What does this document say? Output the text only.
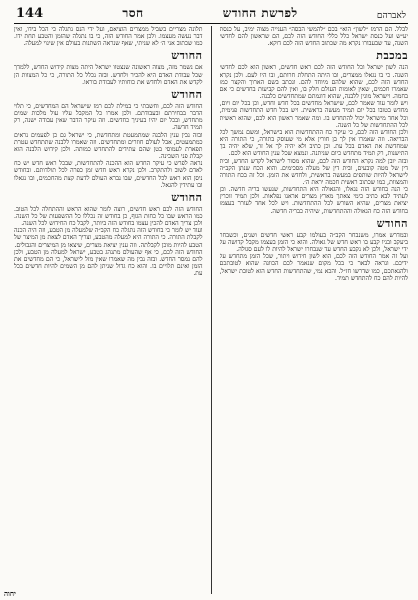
לאברהם
לפרשת החודש
חסר
144

לבלל. הם הרמז ״לשון״ הוא״ בכם ״להמשי הבסה״ הענייה מצוה ימיב, על כנסת יע״ש ועל כנסת ישראל כלל כללי החודש הזה לכם, הם שראשון להם לחדשי השנה, עד שבעבורו נקרא מה שכתוב החדש הזה לכם דוקא.

במכבת

הנה לשון ישראל וכל החודש הזה לכם ראש חדשים, ראשון הוא לכם לחדשי השנה. כי בו נגאלו ממצרים, ובו היתה התחלת חרותם, ובו היו לעם. ולכן נקרא החדש הזה לכם, שהוא שלהם מיוחד להם. ונכתב בשם הארוך והקצר כמו שאמרו חכמים, שאין לאומות העולם חלק בו, ואין להם קביעות בחדשים כי אם בחמה. וישראל מונין ללבנה, שהוא דוגמתם שמתחדשים כלבנה.

ויש לומר עוד שאמר לכם, שישראל מחדשים בכל חדש וחדש, וכן בכל יום ויום, מחדש בטובו בכל יום תמיד מעשה בראשית. ויש בכל חדש התחדשות פנימית, וכל אחד מישראל יכול להתחדש בו. ומה שאמר ראשון הוא לכם, שהוא ראשית לכל ההתחדשות של כל השנה.

ולכן החודש הזה לכם, כי עיקר כח ההתחדשות הוא בישראל, ומשם נמשך לכל הבריאה. וזה שאמרו אין לך בן חורין אלא מי שעוסק בתורה, כי התורה היא שמחדשת את האדם בכל עת. וכן כתיב ולא יהיה לך אל זר, שלא יהיה בך התישנות, רק תמיד מתחדש כיום שניתנה. ונמצא שכל ענין החודש הוא לכם.

ובזה יובן למה נקרא החודש הזה לכם, שהוא מסור לישראל לקדש החדש, ובית דין של מטה קובעים, ובית דין של מעלה מסכימים. והוא הכח שנתן הקב״ה לישראל להיות שותפים במעשה בראשית, ולחדש את הזמן. וכל זה בכח התורה והמצוות, כמו שכתוב ראשית חכמה יראת ה׳.

כי הנה בחודש הזה נגאלו, והגאולה היא התחדשות, שנעשו בריה חדשה. וכן לעתיד לבא כתיב כימי צאתך מארץ מצרים אראנו נפלאות. ולכן תמיד זוכרין יציאת מצרים, שהיא השורש לכל ההתחדשות. ויש לכל אחד לעורר בעצמו בחודש הזה כח הגאולה וההתחדשות, שיהיה כבריה חדשה.

החודש

ובמדרש אמרו, משנבחר הקב״ה בעולמו קבע ראשי חדשים ושנים, וכשבחר ביעקב ובניו קבע בו ראש חדש של גאולה. והוא כי הזמן בעצמו מקבל קדושה על ידי ישראל, ולכן לא נקבע החדש עד שנבחרו ישראל להיות לו לעם סגולה.

ועל זה אמר החודש הזה לכם, הוא לשון חידוש ויתור, שכל הזמן מתחדש על ידיכם. ונראה לבאר כי בכל מקום שנאמר לכם הכוונה שהוא לטובתכם ולהנאתכם, כמו שדרשו חז״ל. והכא נמי, שהתחדשות החדש הוא לטובת ישראל, להיות להם כח להתחדש תמיד.

תלונה מצריים בשביל ממצרים הוציאם, ועל ידי הנס נתגלה כי הכל בידו, ואין דבר נעשה מעצמו. ולכן אמר החודש הזה, כי בו נתגלה שהזמן והטבע תחת ידו. כמו שכתוב אני ה׳ לא שניתי, שאף שנראה השתנות בעולם אין שינוי למעלה.

החודש

אם נשמר מזה, מצוה ראשונה שנצטוו ישראל היתה מצות קידוש החדש, ללמדך שכל עבודת האדם היא להכיר ולחדש. ובזה נכלל כל התורה, כי כל המצוות הן לקדש את האדם ולחדש את כוחותיו לעבודת בוראו.

החודש

החודש הזה לכם, וחשבתי כי במילת לכם רמז שישראל הם המחדשים, כי תלוי הדבר בבחירתם ובעבודתם. ולכן אמרו כל המקבל עליו עול מלכות שמים מתחדש, ובכל יום יהיו בעיניך כחדשים. וזה עיקר הדבר שאין עבודה ישנה, רק תמיד חדשה.

ובזה נבין ענין הלבנה שמתמעטת ומתחדשת, כי ישראל גם כן לפעמים נראים כמתמעטים, אבל לעולם חוזרים ומתחדשים. וזה שאמרו ללבנה שתתחדש עטרת תפארת לעמוסי בטן שהם עתידים להתחדש כמותה. ולכן קידוש הלבנה הוא קבלת פני השכינה.

נראה לפרש כי עיקר החדש הוא ההכנה להתחדשות, שבכל ראש חדש יש כח לאדם לשוב ולהתקרב. ולכן נקרא ראש חדש זמן כפרה לכל תולדותם. ובחודש ניסן הוא ראש לכל החדשים, שבו נברא העולם לדעת קצת מהחכמים, ובו נגאלו ובו עתידין להגאל.

החודש

החודש הזה לכם ראש חדשים, רוצה לומר שהוא הראש וההתחלה לכל הטוב. כמו הראש שבו כל כחות הגוף, כן בחודש זה נכללו כל ההשפעות של כל השנה. ולכן צריך האדם להכין עצמו בחודש הזה ביותר, לקבל כח החידוש לכל השנה.

ועוד יש לומר כי בחודש הזה נתגלה כח הקב״ה שלמעלה מן הטבע, וזה היה הכנה לקבלת התורה. כי התורה היא למעלה מהטבע, וצריך האדם לצאת מן המיצר של הטבע להיות מוכן לקבלתה. וזה ענין יציאת מצרים, שיצאו מן המיצרים והגבולים.

החודש הזה לכם, כי אף שהעולם מתנהג בטבע, ישראל למעלה מן הטבע, ולכן להם נמסר החדש. ובזה נבין מה שאמרו שאין מזל לישראל, כי הם מחדשים את הזמן ואינם תלויים בו. והוא כח גדול שניתן להם מן השמים להיות חדשים בכל עת.

יחוה
